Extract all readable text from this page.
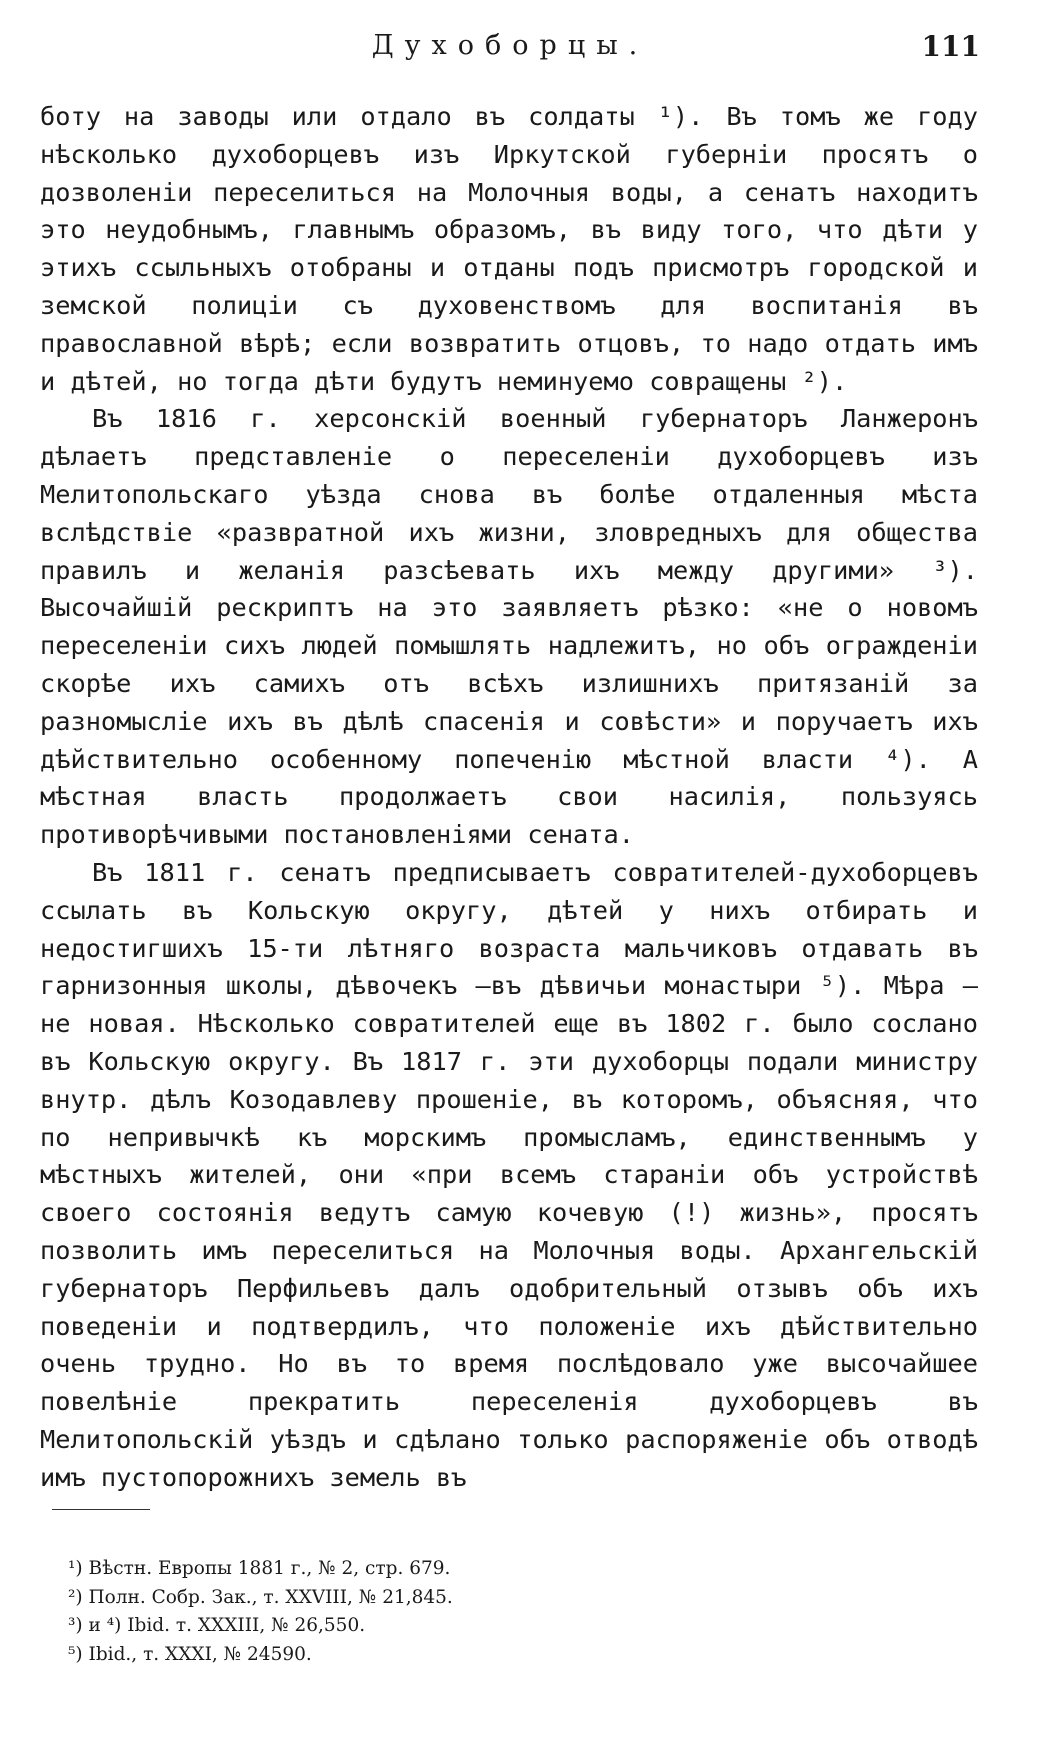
Духоборцы.	111

боту на заводы или отдало въ солдаты ¹). Въ томъ же году нѣсколько духоборцевъ изъ Иркутской губерніи просятъ о дозволеніи переселиться на Молочныя воды, а сенатъ находитъ это неудобнымъ, главнымъ образомъ, въ виду того, что дѣти у этихъ ссыльныхъ отобраны и отданы подъ присмотръ городской и земской полиціи съ духовенствомъ для воспитанія въ православной вѣрѣ; если возвратить отцовъ, то надо отдать имъ и дѣтей, но тогда дѣти будутъ неминуемо совращены ²).

Въ 1816 г. херсонскій военный губернаторъ Ланжеронъ дѣлаетъ представленіе о переселеніи духоборцевъ изъ Мелитопольскаго уѣзда снова въ болѣе отдаленныя мѣста вслѣдствіе «развратной ихъ жизни, зловредныхъ для общества правилъ и желанія разсѣевать ихъ между другими» ³). Высочайшій рескриптъ на это заявляетъ рѣзко: «не о новомъ переселеніи сихъ людей помышлять надлежитъ, но объ огражденіи скорѣе ихъ самихъ отъ всѣхъ излишнихъ притязаній за разномысліе ихъ въ дѣлѣ спасенія и совѣсти» и поручаетъ ихъ дѣйствительно особенному попеченію мѣстной власти ⁴). А мѣстная власть продолжаетъ свои насилія, пользуясь противорѣчивыми постановленіями сената.

Въ 1811 г. сенатъ предписываетъ совратителей-духоборцевъ ссылать въ Кольскую округу, дѣтей у нихъ отбирать и недостигшихъ 15-ти лѣтняго возраста мальчиковъ отдавать въ гарнизонныя школы, дѣвочекъ —въ дѣвичьи монастыри ⁵). Мѣра —не новая. Нѣсколько совратителей еще въ 1802 г. было сослано въ Кольскую округу. Въ 1817 г. эти духоборцы подали министру внутр. дѣлъ Козодавлеву прошеніе, въ которомъ, объясняя, что по непривычкѣ къ морскимъ промысламъ, единственнымъ у мѣстныхъ жителей, они «при всемъ стараніи объ устройствѣ своего состоянія ведутъ самую кочевую (!) жизнь», просятъ позволить имъ переселиться на Молочныя воды. Архангельскій губернаторъ Перфильевъ далъ одобрительный отзывъ объ ихъ поведеніи и подтвердилъ, что положеніе ихъ дѣйствительно очень трудно. Но въ то время послѣдовало уже высочайшее повелѣніе прекратить переселенія духоборцевъ въ Мелитопольскій уѣздъ и сдѣлано только распоряженіе объ отводѣ имъ пустопорожнихъ земель въ

¹) Вѣстн. Европы 1881 г., № 2, стр. 679.
²) Полн. Собр. Зак., т. XXVIII, № 21,845.
³) и ⁴) Ibid. т. XXXIII, № 26,550.
⁵) Ibid., т. XXXI, № 24590.
